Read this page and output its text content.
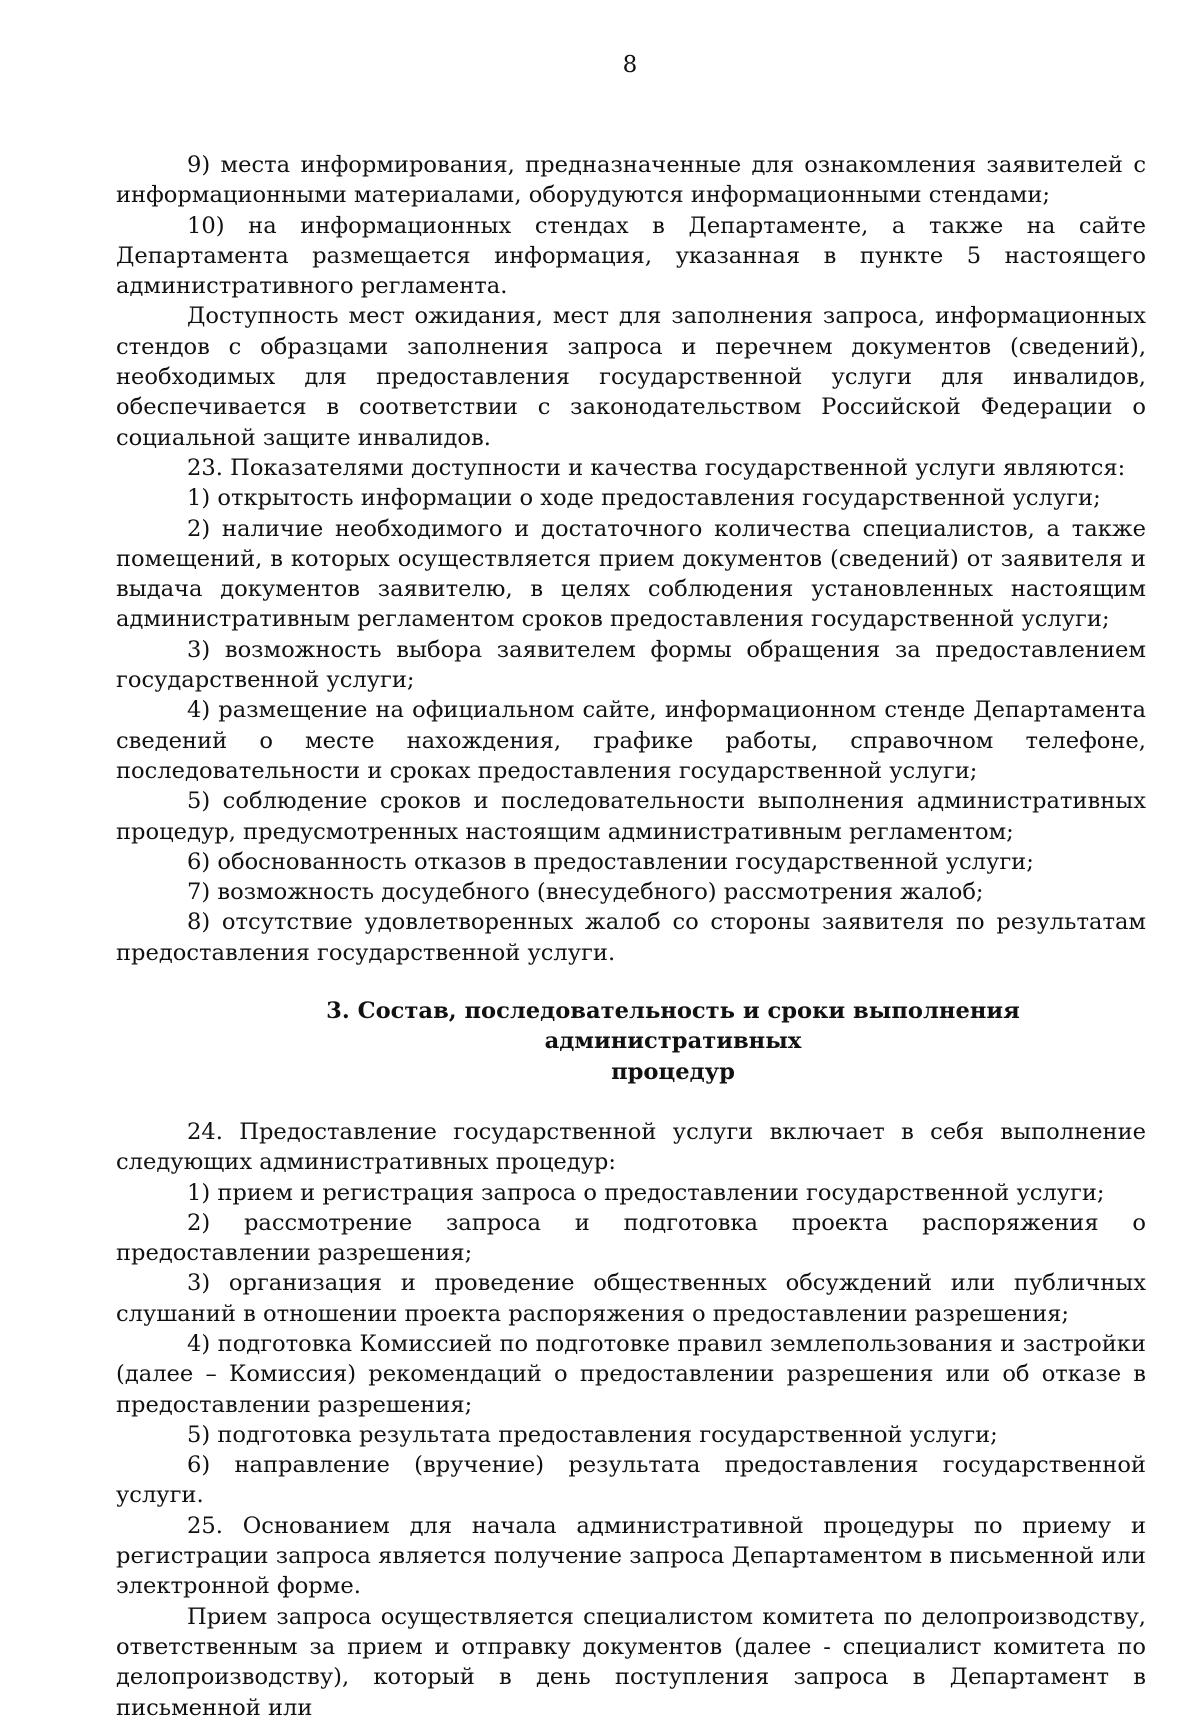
8

9) места информирования, предназначенные для ознакомления заявителей с информационными материалами, оборудуются информационными стендами;

10) на информационных стендах в Департаменте, а также на сайте Департамента размещается информация, указанная в пункте 5 настоящего административного регламента.

Доступность мест ожидания, мест для заполнения запроса, информационных стендов с образцами заполнения запроса и перечнем документов (сведений), необходимых для предоставления государственной услуги для инвалидов, обеспечивается в соответствии с законодательством Российской Федерации о социальной защите инвалидов.

23. Показателями доступности и качества государственной услуги являются:

1) открытость информации о ходе предоставления государственной услуги;

2) наличие необходимого и достаточного количества специалистов, а также помещений, в которых осуществляется прием документов (сведений) от заявителя и выдача документов заявителю, в целях соблюдения установленных настоящим административным регламентом сроков предоставления государственной услуги;

3) возможность выбора заявителем формы обращения за предоставлением государственной услуги;

4) размещение на официальном сайте, информационном стенде Департамента сведений о месте нахождения, графике работы, справочном телефоне, последовательности и сроках предоставления государственной услуги;

5) соблюдение сроков и последовательности выполнения административных процедур, предусмотренных настоящим административным регламентом;

6) обоснованность отказов в предоставлении государственной услуги;

7) возможность досудебного (внесудебного) рассмотрения жалоб;

8) отсутствие удовлетворенных жалоб со стороны заявителя по результатам предоставления государственной услуги.

3. Состав, последовательность и сроки выполнения административных
процедур

24. Предоставление государственной услуги включает в себя выполнение следующих административных процедур:

1) прием и регистрация запроса о предоставлении государственной услуги;

2) рассмотрение запроса и подготовка проекта распоряжения о предоставлении разрешения;

3) организация и проведение общественных обсуждений или публичных слушаний в отношении проекта распоряжения о предоставлении разрешения;

4) подготовка Комиссией по подготовке правил землепользования и застройки (далее – Комиссия) рекомендаций о предоставлении разрешения или об отказе в предоставлении разрешения;

5) подготовка результата предоставления государственной услуги;

6) направление (вручение) результата предоставления государственной услуги.

25. Основанием для начала административной процедуры по приему и регистрации запроса является получение запроса Департаментом в письменной или электронной форме.

Прием запроса осуществляется специалистом комитета по делопроизводству, ответственным за прием и отправку документов (далее - специалист комитета по делопроизводству), который в день поступления запроса в Департамент в письменной или
